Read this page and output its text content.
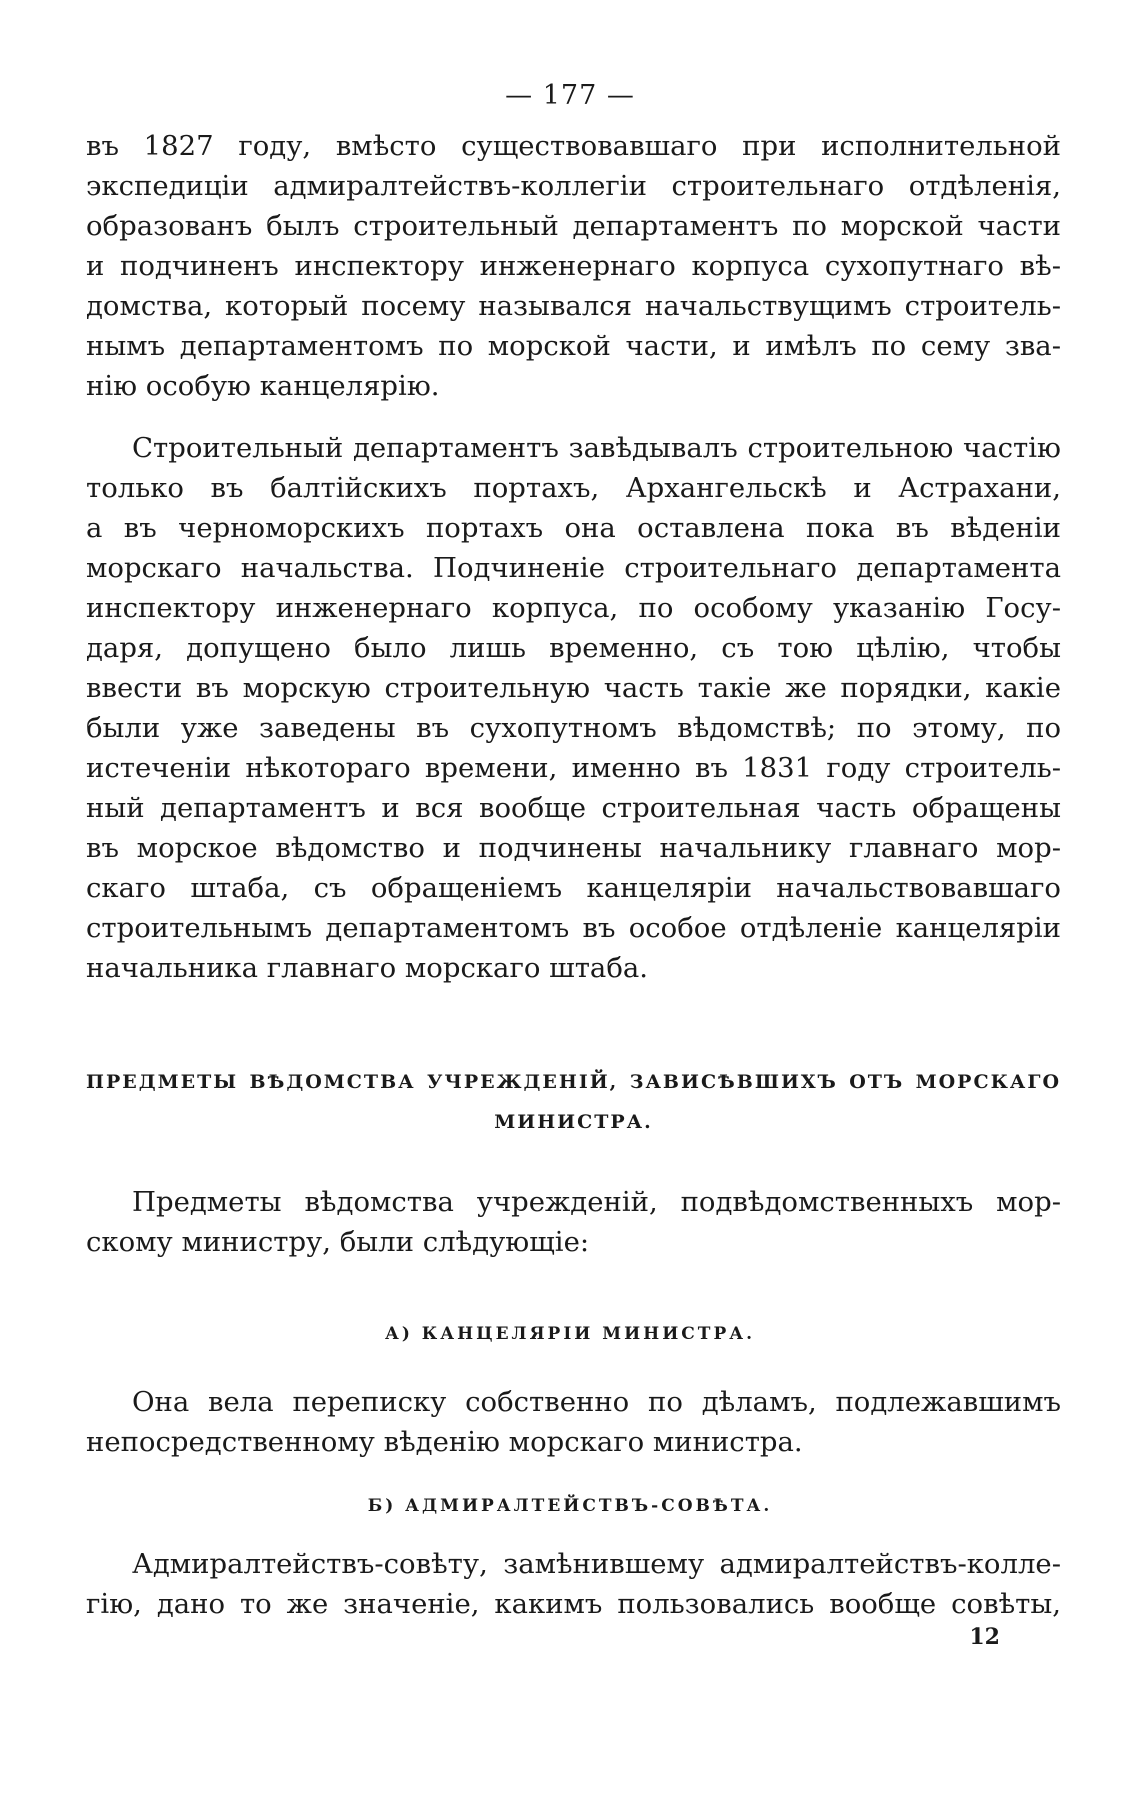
— 177 —
въ 1827 году, вмѣсто существовавшаго при исполнительной
экспедиціи адмиралтействъ-коллегіи строительнаго отдѣленія,
образованъ былъ строительный департаментъ по морской части
и подчиненъ инспектору инженернаго корпуса сухопутнаго вѣ-
домства, который посему назывался начальствущимъ строитель-
нымъ департаментомъ по морской части, и имѣлъ по сему зва-
нію особую канцелярію.
Строительный департаментъ завѣдывалъ строительною частію
только въ балтійскихъ портахъ, Архангельскѣ и Астрахани,
а въ черноморскихъ портахъ она оставлена пока въ вѣденіи
морскаго начальства. Подчиненіе строительнаго департамента
инспектору инженернаго корпуса, по особому указанію Госу-
даря, допущено было лишь временно, съ тою цѣлію, чтобы
ввести въ морскую строительную часть такіе же порядки, какіе
были уже заведены въ сухопутномъ вѣдомствѣ; по этому, по
истеченіи нѣкотораго времени, именно въ 1831 году строитель-
ный департаментъ и вся вообще строительная часть обращены
въ морское вѣдомство и подчинены начальнику главнаго мор-
скаго штаба, съ обращеніемъ канцеляріи начальствовавшаго
строительнымъ департаментомъ въ особое отдѣленіе канцеляріи
начальника главнаго морскаго штаба.
ПРЕДМЕТЫ ВѢДОМСТВА УЧРЕЖДЕНІЙ, ЗАВИСѢВШИХЪ ОТЪ МОРСКАГО
МИНИСТРА.
Предметы вѣдомства учрежденій, подвѣдомственныхъ мор-
скому министру, были слѣдующіе:
А) КАНЦЕЛЯРІИ МИНИСТРА.
Она вела переписку собственно по дѣламъ, подлежавшимъ
непосредственному вѣденію морскаго министра.
Б) АДМИРАЛТЕЙСТВЪ-СОВѢТА.
Адмиралтействъ-совѣту, замѣнившему адмиралтействъ-колле-
гію, дано то же значеніе, какимъ пользовались вообще совѣты,
12
